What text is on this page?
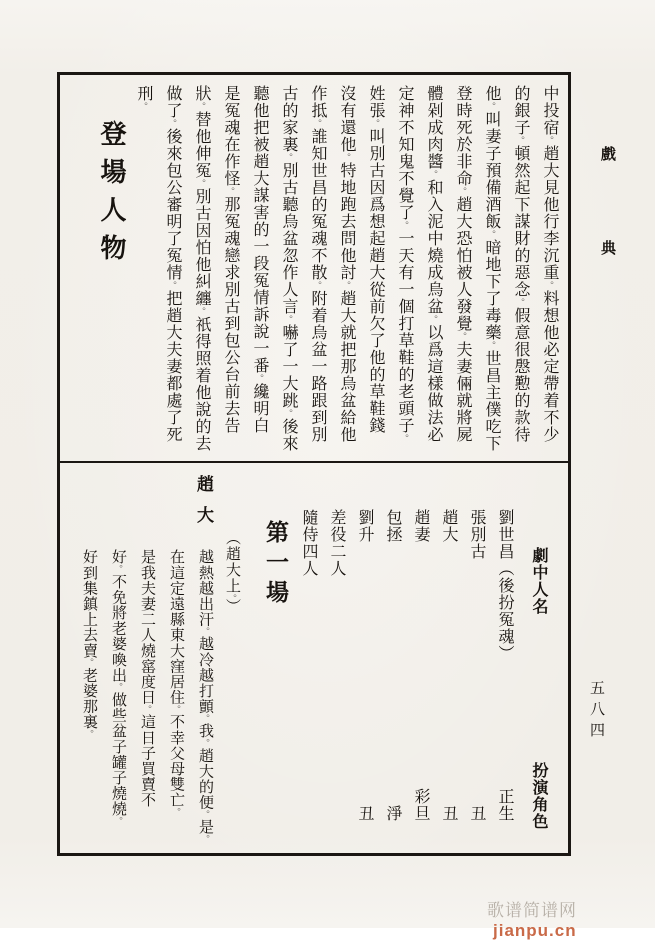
中投宿。趙大見他行李沉重。料想他必定帶着不少
的銀子。頓然起下謀財的惡念。假意很慇懃的款待
他。叫妻子預備酒飯。暗地下了毒藥。世昌主僕吃下
登時死於非命。趙大恐怕被人發覺。夫妻倆就將屍
體剁成肉醬。和入泥中燒成烏盆。以爲這樣做法必
定神不知鬼不覺了。一天有一個打草鞋的老頭子。
姓張。叫別古因爲想起趙大從前欠了他的草鞋錢
沒有還他。特地跑去問他討。趙大就把那烏盆給他
作抵。誰知世昌的冤魂不散。附着烏盆一路跟到別
古的家裏。別古聽烏盆忽作人言。嚇了一大跳。後來
聽他把被趙大謀害的一段冤情訴說一番。纔明白
是冤魂在作怪。那冤魂戀求別古到包公台前去告
狀。替他伸冤。別古因怕他糾纏。祇得照着他說的去
做了。後來包公審明了冤情。把趙大夫妻都處了死
刑。
登場人物
劇中人名
扮演角色
劉世昌（後扮冤魂）
正生
張別古
丑
趙大
丑
趙妻
彩旦
包拯
淨
劉升
丑
差役二人
隨侍四人
第一場
（趙大上。）
趙大
越熱越出汗。越冷越打顫。我。趙大的便。是。
在這定遠縣東大窪居住。不幸父母雙亡。
是我夫妻二人燒窰度日。這日子買賣不
好。不免將老婆喚出。做些盆子罐子燒燒。
好到集鎮上去賣。老婆那裏。
戲
典
五八四
歌谱简谱网jianpu.cn
